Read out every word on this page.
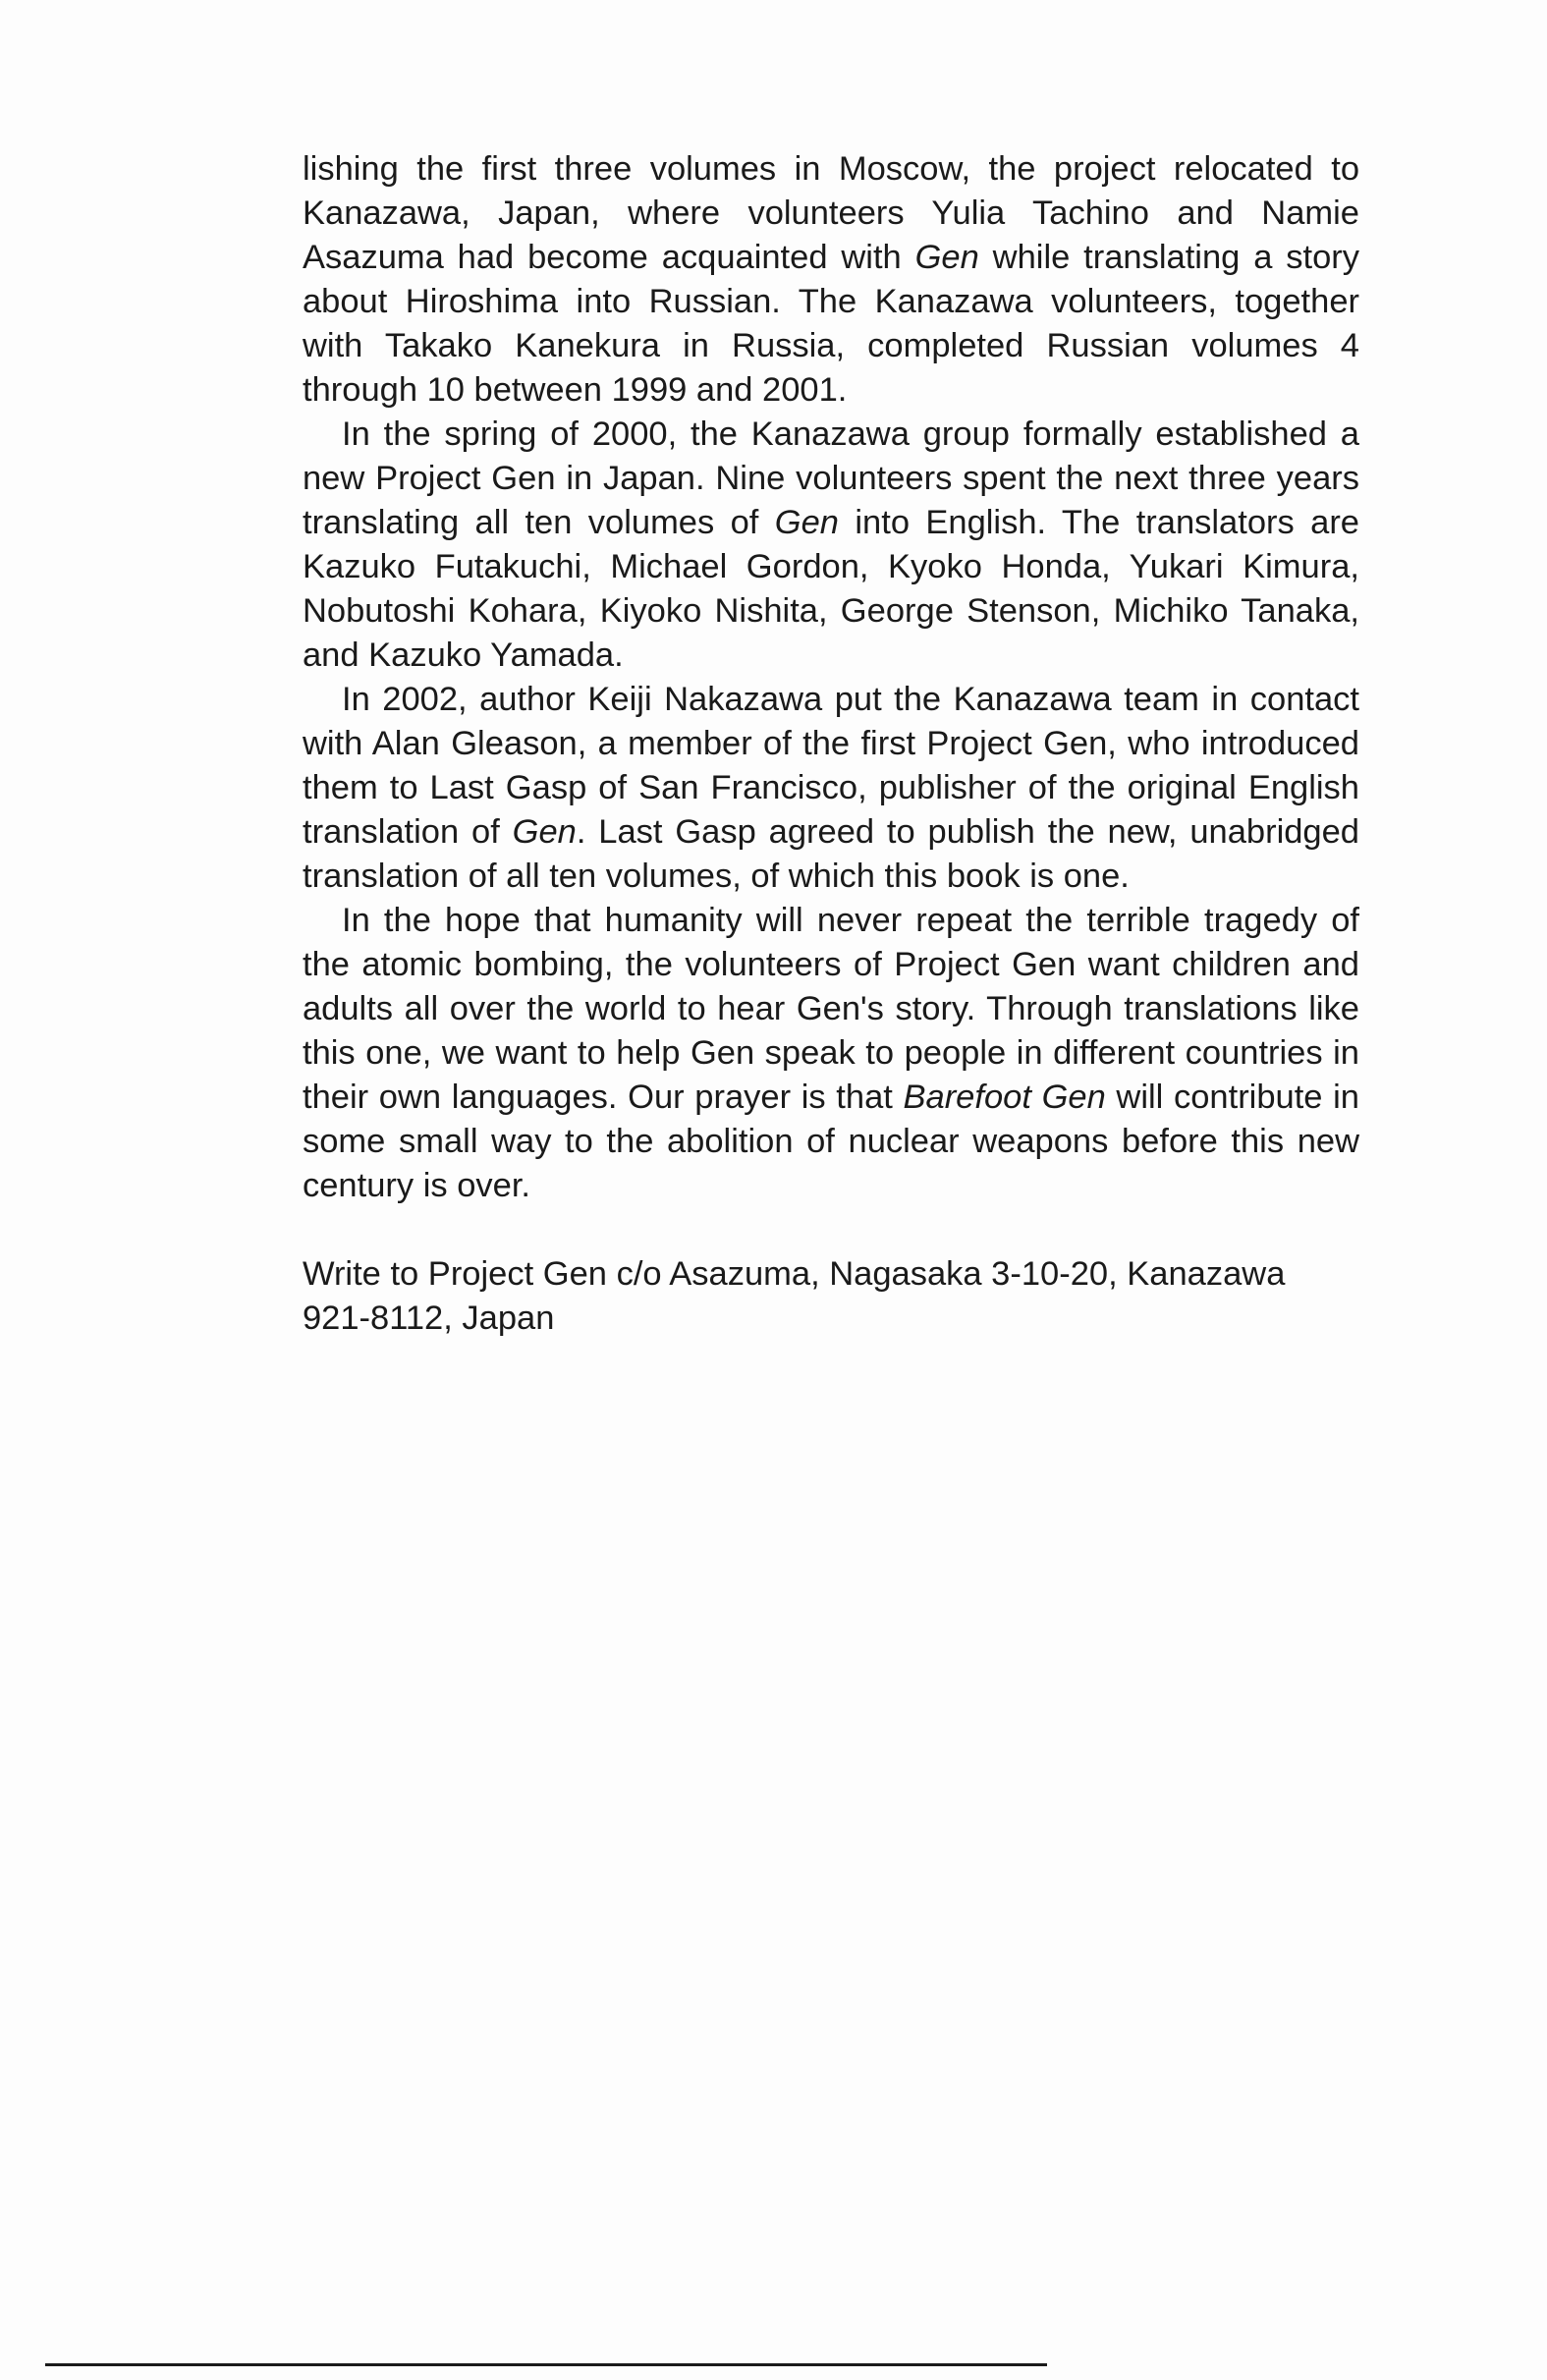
lishing the first three volumes in Moscow, the project relocated to Kanazawa, Japan, where volunteers Yulia Tachino and Namie Asazuma had become acquainted with Gen while translating a story about Hiroshima into Russian. The Kanazawa volunteers, together with Takako Kanekura in Russia, completed Russian volumes 4 through 10 between 1999 and 2001.

In the spring of 2000, the Kanazawa group formally established a new Project Gen in Japan. Nine volunteers spent the next three years translating all ten volumes of Gen into English. The translators are Kazuko Futakuchi, Michael Gordon, Kyoko Honda, Yukari Kimura, Nobutoshi Kohara, Kiyoko Nishita, George Stenson, Michiko Tanaka, and Kazuko Yamada.

In 2002, author Keiji Nakazawa put the Kanazawa team in contact with Alan Gleason, a member of the first Project Gen, who introduced them to Last Gasp of San Francisco, publisher of the original English translation of Gen. Last Gasp agreed to publish the new, unabridged translation of all ten volumes, of which this book is one.

In the hope that humanity will never repeat the terrible tragedy of the atomic bombing, the volunteers of Project Gen want children and adults all over the world to hear Gen's story. Through translations like this one, we want to help Gen speak to people in different countries in their own languages. Our prayer is that Barefoot Gen will contribute in some small way to the abolition of nuclear weapons before this new century is over.

Write to Project Gen c/o Asazuma, Nagasaka 3-10-20, Kanazawa 921-8112, Japan
